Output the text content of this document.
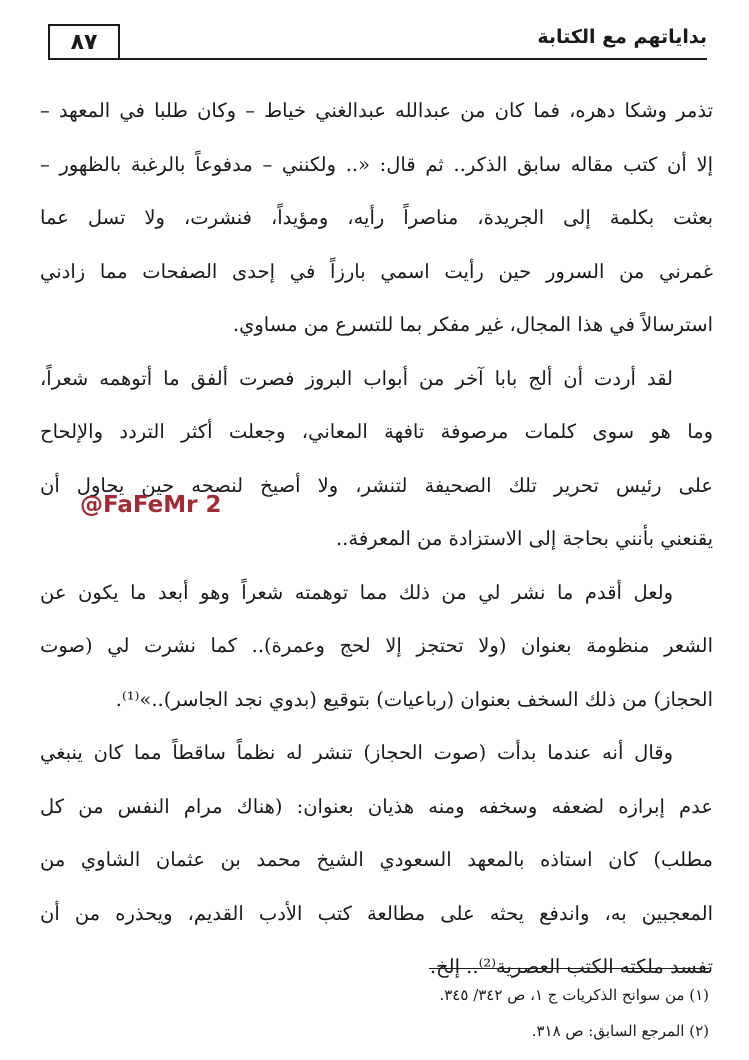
بداياتهم مع الكتابة
٨٧
تذمر وشكا دهره، فما كان من عبدالله عبدالغني خياط – وكان طلبا في المعهد –
إلا أن كتب مقاله سابق الذكر.. ثم قال: «.. ولكنني – مدفوعاً بالرغبة بالظهور –
بعثت بكلمة إلى الجريدة، مناصراً رأيه، ومؤيداً، فنشرت، ولا تسل عما
غمرني من السرور حين رأيت اسمي بارزاً في إحدى الصفحات مما زادني
استرسالاً في هذا المجال، غير مفكر بما للتسرع من مساوي.
لقد أردت أن ألج بابا آخر من أبواب البروز فصرت ألفق ما أتوهمه شعراً،
وما هو سوى كلمات مرصوفة تافهة المعاني، وجعلت أكثر التردد والإلحاح
على رئيس تحرير تلك الصحيفة لتنشر، ولا أصيخ لنصحه حين يحاول أن
يقنعني بأنني بحاجة إلى الاستزادة من المعرفة..
ولعل أقدم ما نشر لي من ذلك مما توهمته شعراً وهو أبعد ما يكون عن
الشعر منظومة بعنوان (ولا تحتجز إلا لحج وعمرة).. كما نشرت لي (صوت
الحجاز) من ذلك السخف بعنوان (رباعيات) بتوقيع (بدوي نجد الجاسر)..»⁽¹⁾.
وقال أنه عندما بدأت (صوت الحجاز) تنشر له نظماً ساقطاً مما كان ينبغي
عدم إبرازه لضعفه وسخفه ومنه هذيان بعنوان: (هناك مرام النفس من كل
مطلب) كان استاذه بالمعهد السعودي الشيخ محمد بن عثمان الشاوي من
المعجبين به، واندفع يحثه على مطالعة كتب الأدب القديم، ويحذره من أن
تفسد ملكته الكتب العصرية⁽²⁾.. إلخ.
@FaFeMr 2
(١) من سوانح الذكريات ج ١، ص ٣٤٢/ ٣٤٥.
(٢) المرجع السابق: ص ٣١٨.
